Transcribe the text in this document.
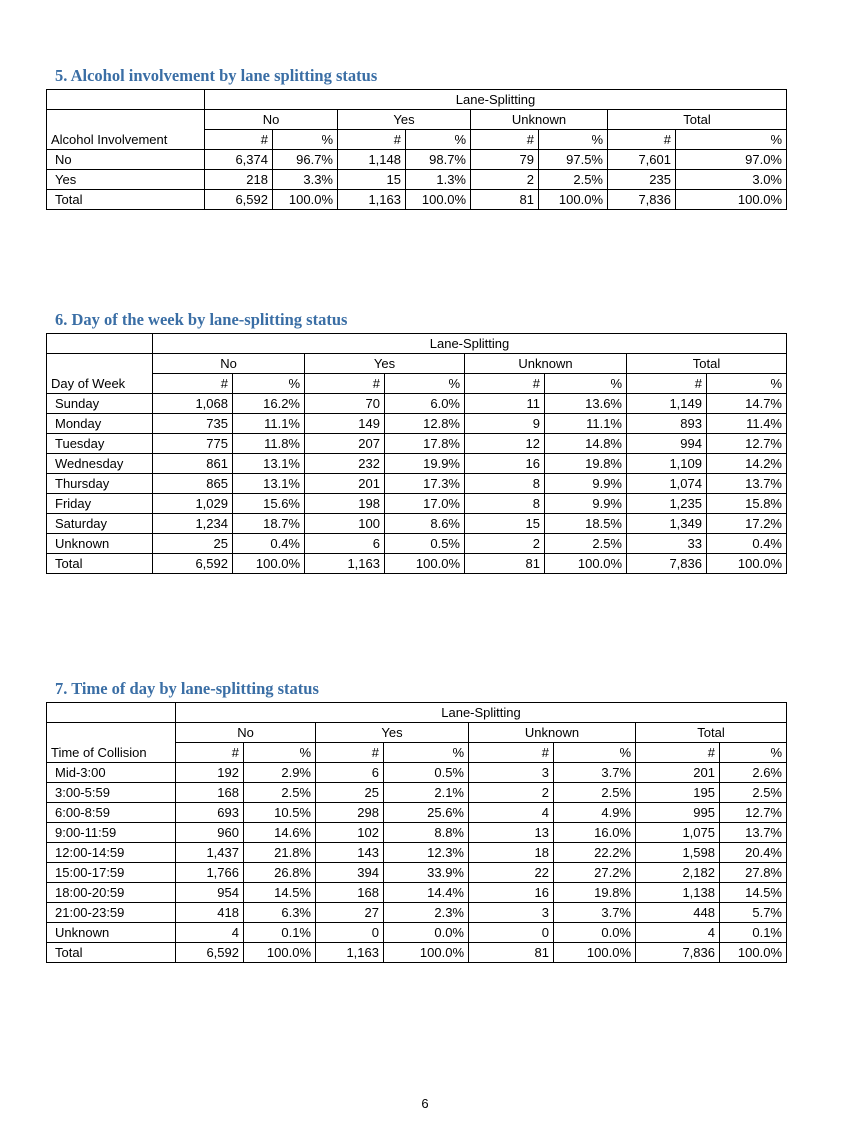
5. Alcohol involvement by lane splitting status
	Lane-Splitting							
	No		Yes		Unknown		Total	
Alcohol Involvement	#	%	#	%	#	%	#	%
No	6,374	96.7%	1,148	98.7%	79	97.5%	7,601	97.0%
Yes	218	3.3%	15	1.3%	2	2.5%	235	3.0%
Total	6,592	100.0%	1,163	100.0%	81	100.0%	7,836	100.0%
6. Day of the week by lane-splitting status
	Lane-Splitting							
	No		Yes		Unknown		Total	
Day of Week	#	%	#	%	#	%	#	%
Sunday	1,068	16.2%	70	6.0%	11	13.6%	1,149	14.7%
Monday	735	11.1%	149	12.8%	9	11.1%	893	11.4%
Tuesday	775	11.8%	207	17.8%	12	14.8%	994	12.7%
Wednesday	861	13.1%	232	19.9%	16	19.8%	1,109	14.2%
Thursday	865	13.1%	201	17.3%	8	9.9%	1,074	13.7%
Friday	1,029	15.6%	198	17.0%	8	9.9%	1,235	15.8%
Saturday	1,234	18.7%	100	8.6%	15	18.5%	1,349	17.2%
Unknown	25	0.4%	6	0.5%	2	2.5%	33	0.4%
Total	6,592	100.0%	1,163	100.0%	81	100.0%	7,836	100.0%
7. Time of day by lane-splitting status
	Lane-Splitting							
	No		Yes		Unknown		Total	
Time of Collision	#	%	#	%	#	%	#	%
Mid-3:00	192	2.9%	6	0.5%	3	3.7%	201	2.6%
3:00-5:59	168	2.5%	25	2.1%	2	2.5%	195	2.5%
6:00-8:59	693	10.5%	298	25.6%	4	4.9%	995	12.7%
9:00-11:59	960	14.6%	102	8.8%	13	16.0%	1,075	13.7%
12:00-14:59	1,437	21.8%	143	12.3%	18	22.2%	1,598	20.4%
15:00-17:59	1,766	26.8%	394	33.9%	22	27.2%	2,182	27.8%
18:00-20:59	954	14.5%	168	14.4%	16	19.8%	1,138	14.5%
21:00-23:59	418	6.3%	27	2.3%	3	3.7%	448	5.7%
Unknown	4	0.1%	0	0.0%	0	0.0%	4	0.1%
Total	6,592	100.0%	1,163	100.0%	81	100.0%	7,836	100.0%
6
